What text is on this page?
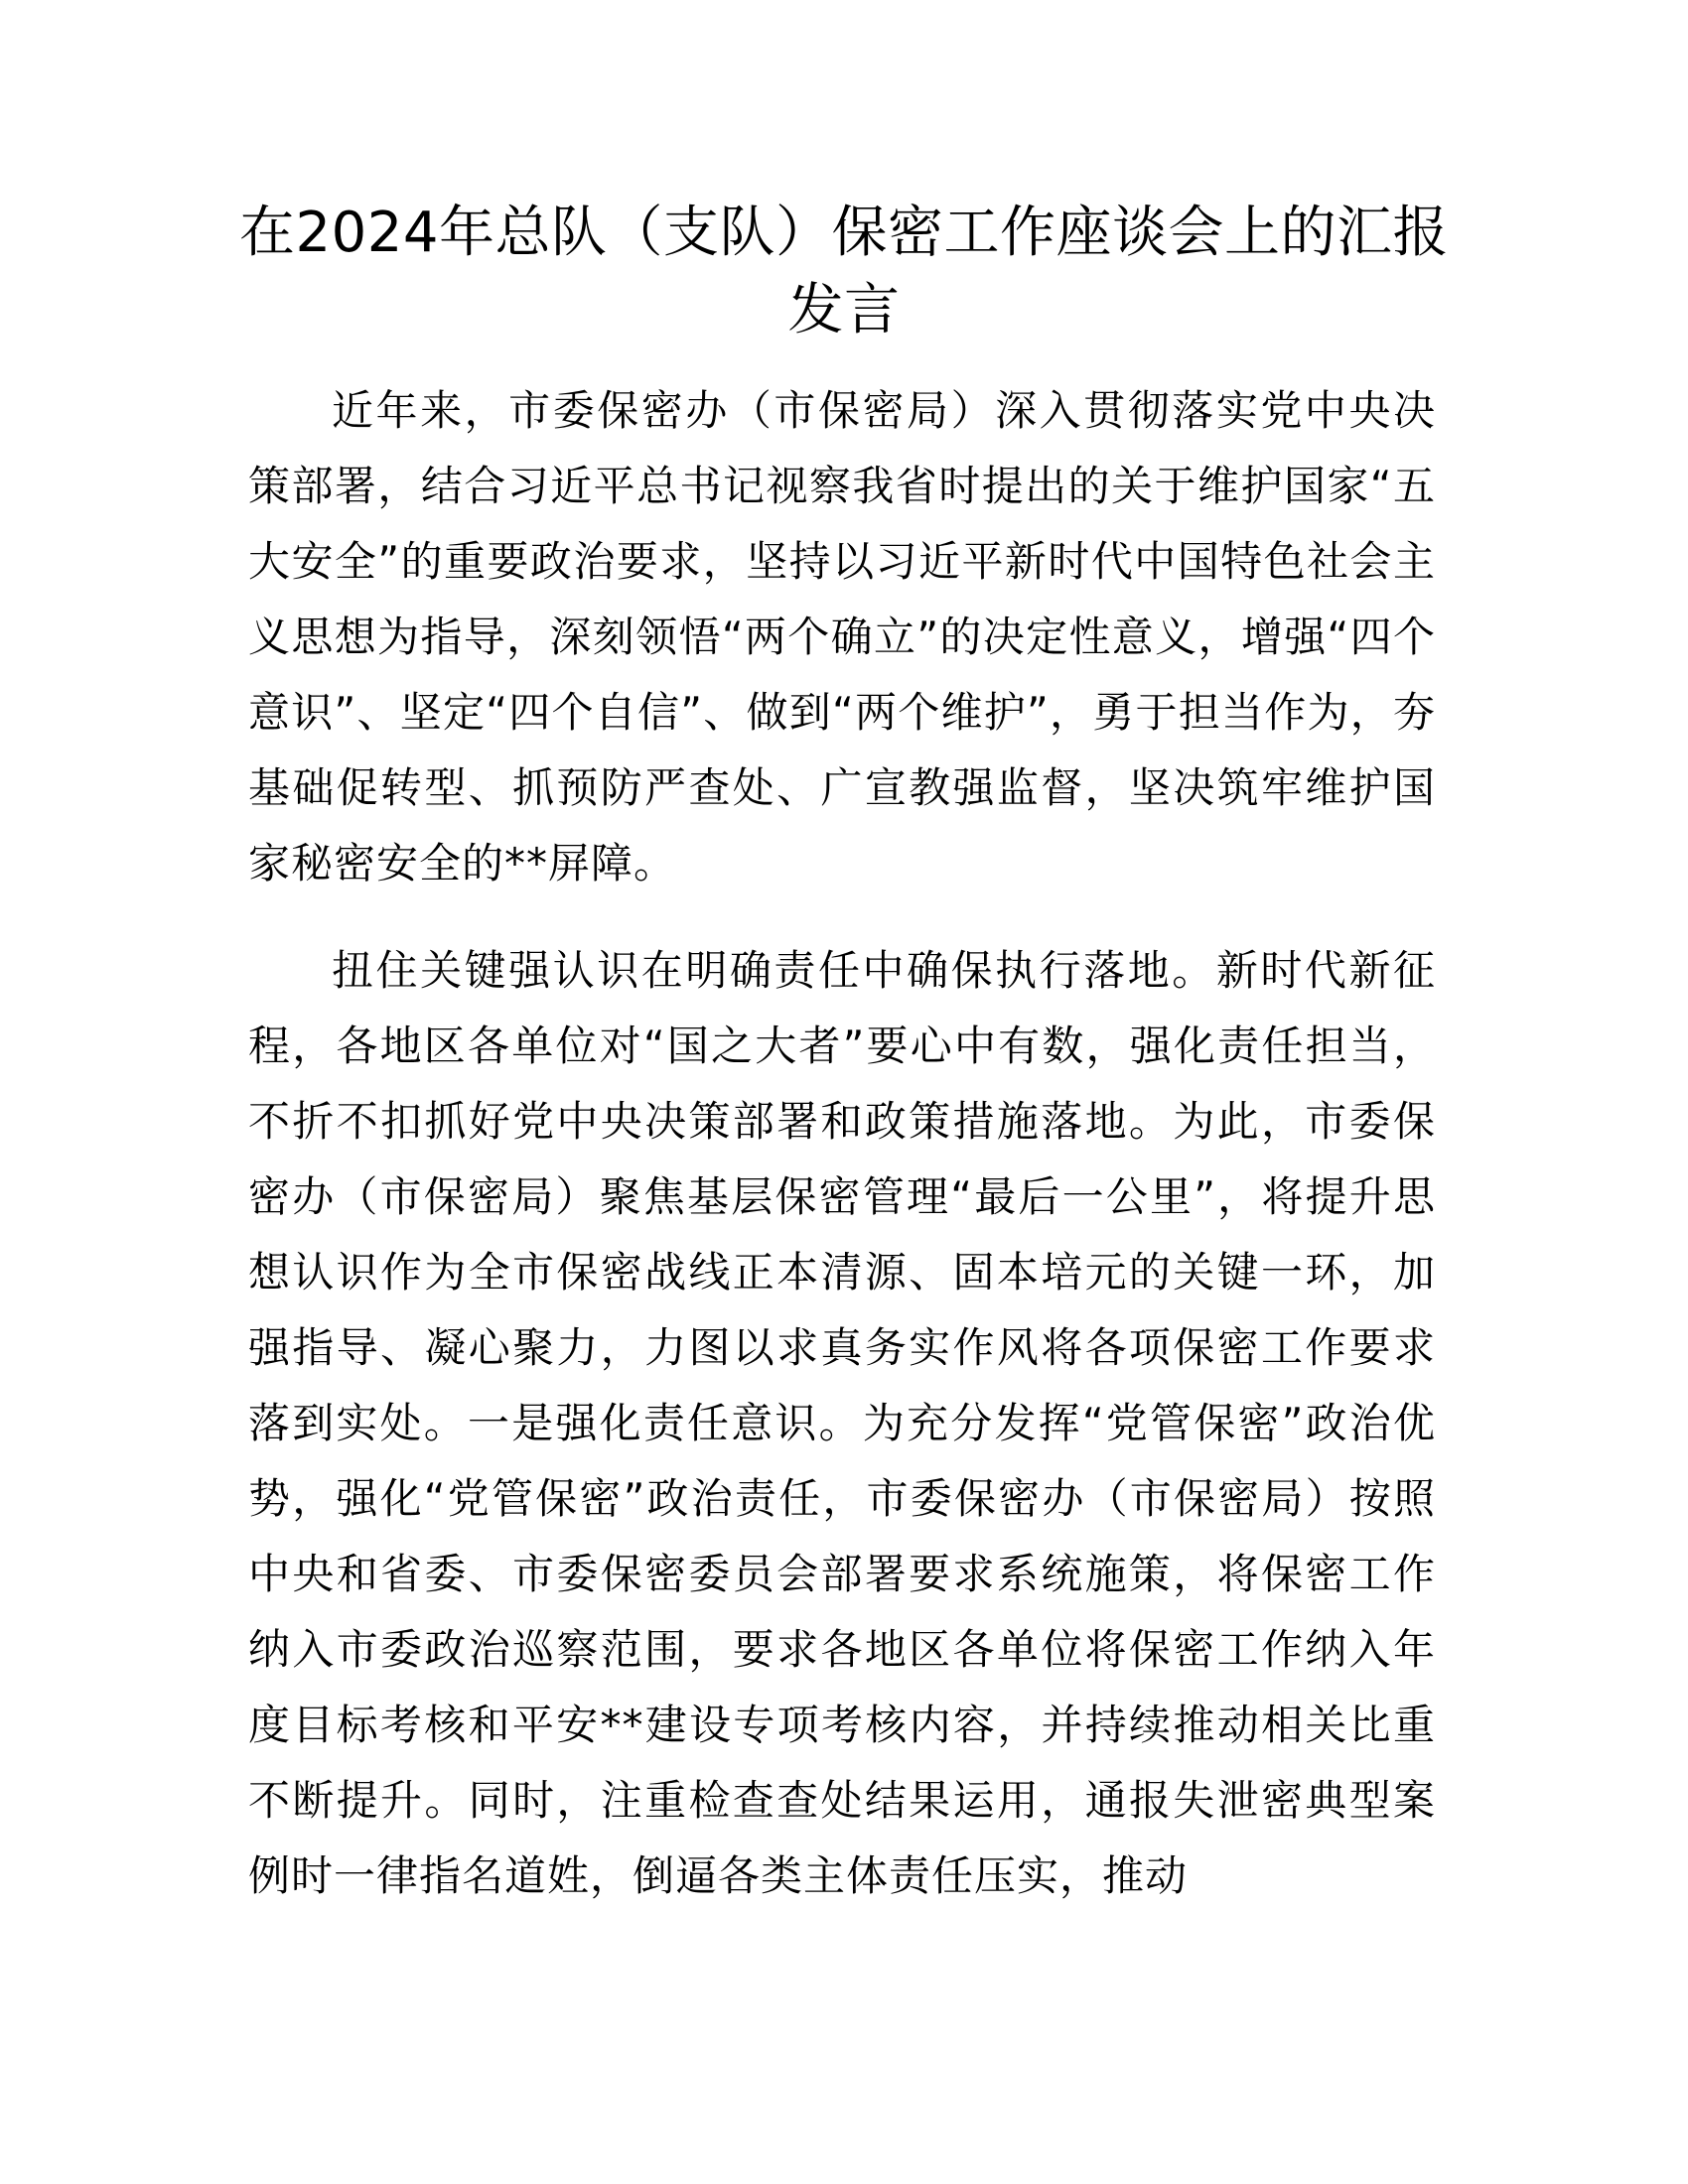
在2024年总队（支队）保密工作座谈会上的汇报发言

近年来，市委保密办（市保密局）深入贯彻落实党中央决策部署，结合习近平总书记视察我省时提出的关于维护国家“五大安全”的重要政治要求，坚持以习近平新时代中国特色社会主义思想为指导，深刻领悟“两个确立”的决定性意义，增强“四个意识”、坚定“四个自信”、做到“两个维护”，勇于担当作为，夯基础促转型、抓预防严查处、广宣教强监督，坚决筑牢维护国家秘密安全的**屏障。

扭住关键强认识在明确责任中确保执行落地。新时代新征程，各地区各单位对“国之大者”要心中有数，强化责任担当，不折不扣抓好党中央决策部署和政策措施落地。为此，市委保密办（市保密局）聚焦基层保密管理“最后一公里”，将提升思想认识作为全市保密战线正本清源、固本培元的关键一环，加强指导、凝心聚力，力图以求真务实作风将各项保密工作要求落到实处。一是强化责任意识。为充分发挥“党管保密”政治优势，强化“党管保密”政治责任，市委保密办（市保密局）按照中央和省委、市委保密委员会部署要求系统施策，将保密工作纳入市委政治巡察范围，要求各地区各单位将保密工作纳入年度目标考核和平安**建设专项考核内容，并持续推动相关比重不断提升。同时，注重检查查处结果运用，通报失泄密典型案例时一律指名道姓，倒逼各类主体责任压实，推动
